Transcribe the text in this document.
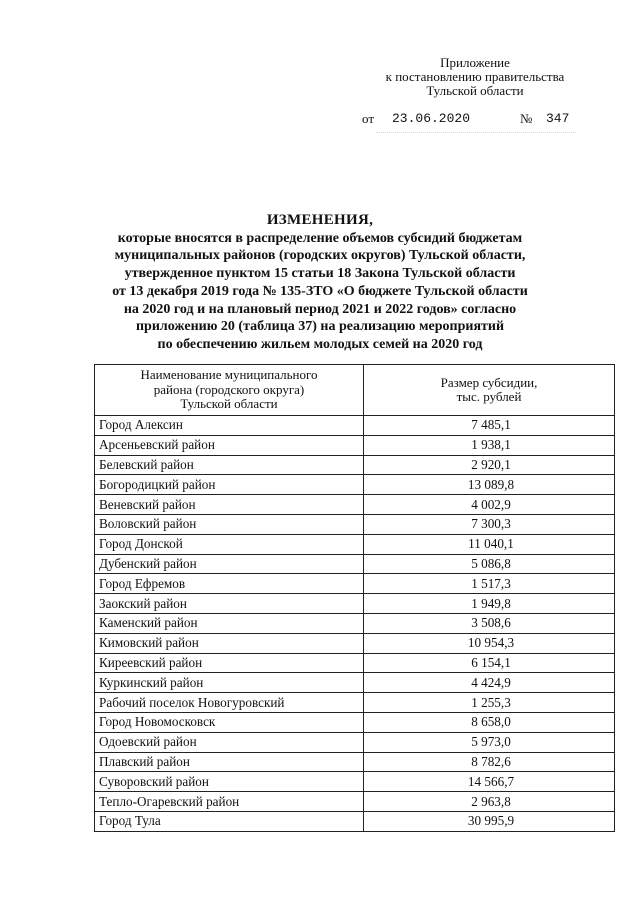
Приложение
к постановлению правительства
Тульской области
от 23.06.2020	№ 347
ИЗМЕНЕНИЯ,
которые вносятся в распределение объемов субсидий бюджетам
муниципальных районов (городских округов) Тульской области,
утвержденное пунктом 15 статьи 18 Закона Тульской области
от 13 декабря 2019 года № 135-ЗТО «О бюджете Тульской области
на 2020 год и на плановый период 2021 и 2022 годов» согласно
приложению 20 (таблица 37) на реализацию мероприятий
по обеспечению жильем молодых семей на 2020 год
Наименование муниципального
района (городского округа)
Тульской области	Размер субсидии,
тыс. рублей

Город Алексин	7 485,1
Арсеньевский район	1 938,1
Белевский район	2 920,1
Богородицкий район	13 089,8
Веневский район	4 002,9
Воловский район	7 300,3
Город Донской	11 040,1
Дубенский район	5 086,8
Город Ефремов	1 517,3
Заокский район	1 949,8
Каменский район	3 508,6
Кимовский район	10 954,3
Киреевский район	6 154,1
Куркинский район	4 424,9
Рабочий поселок Новогуровский	1 255,3
Город Новомосковск	8 658,0
Одоевский район	5 973,0
Плавский район	8 782,6
Суворовский район	14 566,7
Тепло-Огаревский район	2 963,8
Город Тула	30 995,9
